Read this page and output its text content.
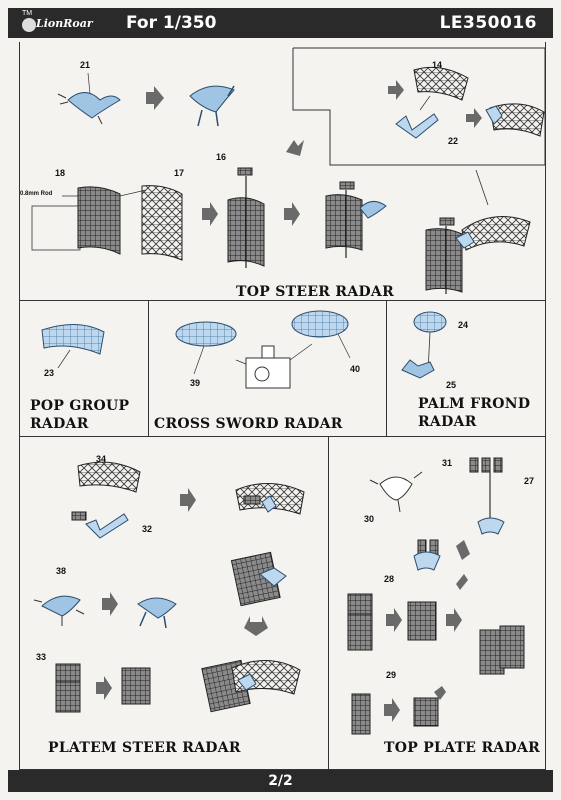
TM
LionRoar For 1/350	LE350016
21	14
22
18	17
16
0.8mm Rod
23
39
40
24
25
34
32
38
33
31
27
30
28
29
TOP STEER RADAR
POP GROUP
RADAR	CROSS SWORD RADAR
PALM FROND
RADAR
PLATEM STEER RADAR	TOP PLATE RADAR
2/2
